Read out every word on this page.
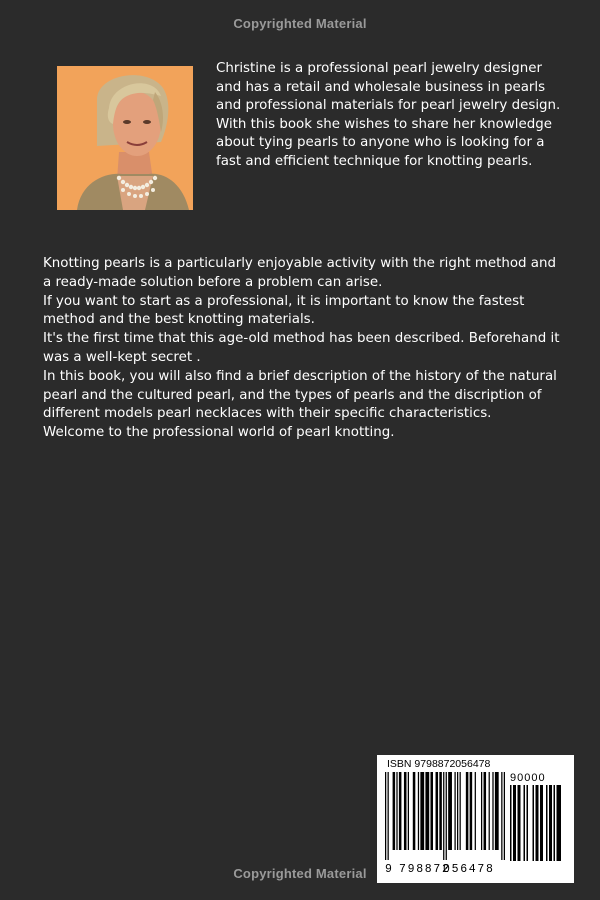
Copyrighted Material

Christine is a professional pearl jewelry designer and has a retail and wholesale business in pearls and professional materials for pearl jewelry design. With this book she wishes to share her knowledge about tying pearls to anyone who is looking for a fast and efficient technique for knotting pearls.

Knotting pearls is a particularly enjoyable activity with the right method and a ready-made solution before a problem can arise.

If you want to start as a professional, it is important to know the fastest method and the best knotting materials.

It's the first time that this age-old method has been described. Beforehand it was a well-kept secret .

In this book, you will also find a brief description of the history of the natural pearl and the cultured pearl, and the types of pearls and the discription of different models pearl necklaces with their specific characteristics.

Welcome to the professional world of pearl knotting.

ISBN 9798872056478
90000
9 798872
056478
Copyrighted Material
